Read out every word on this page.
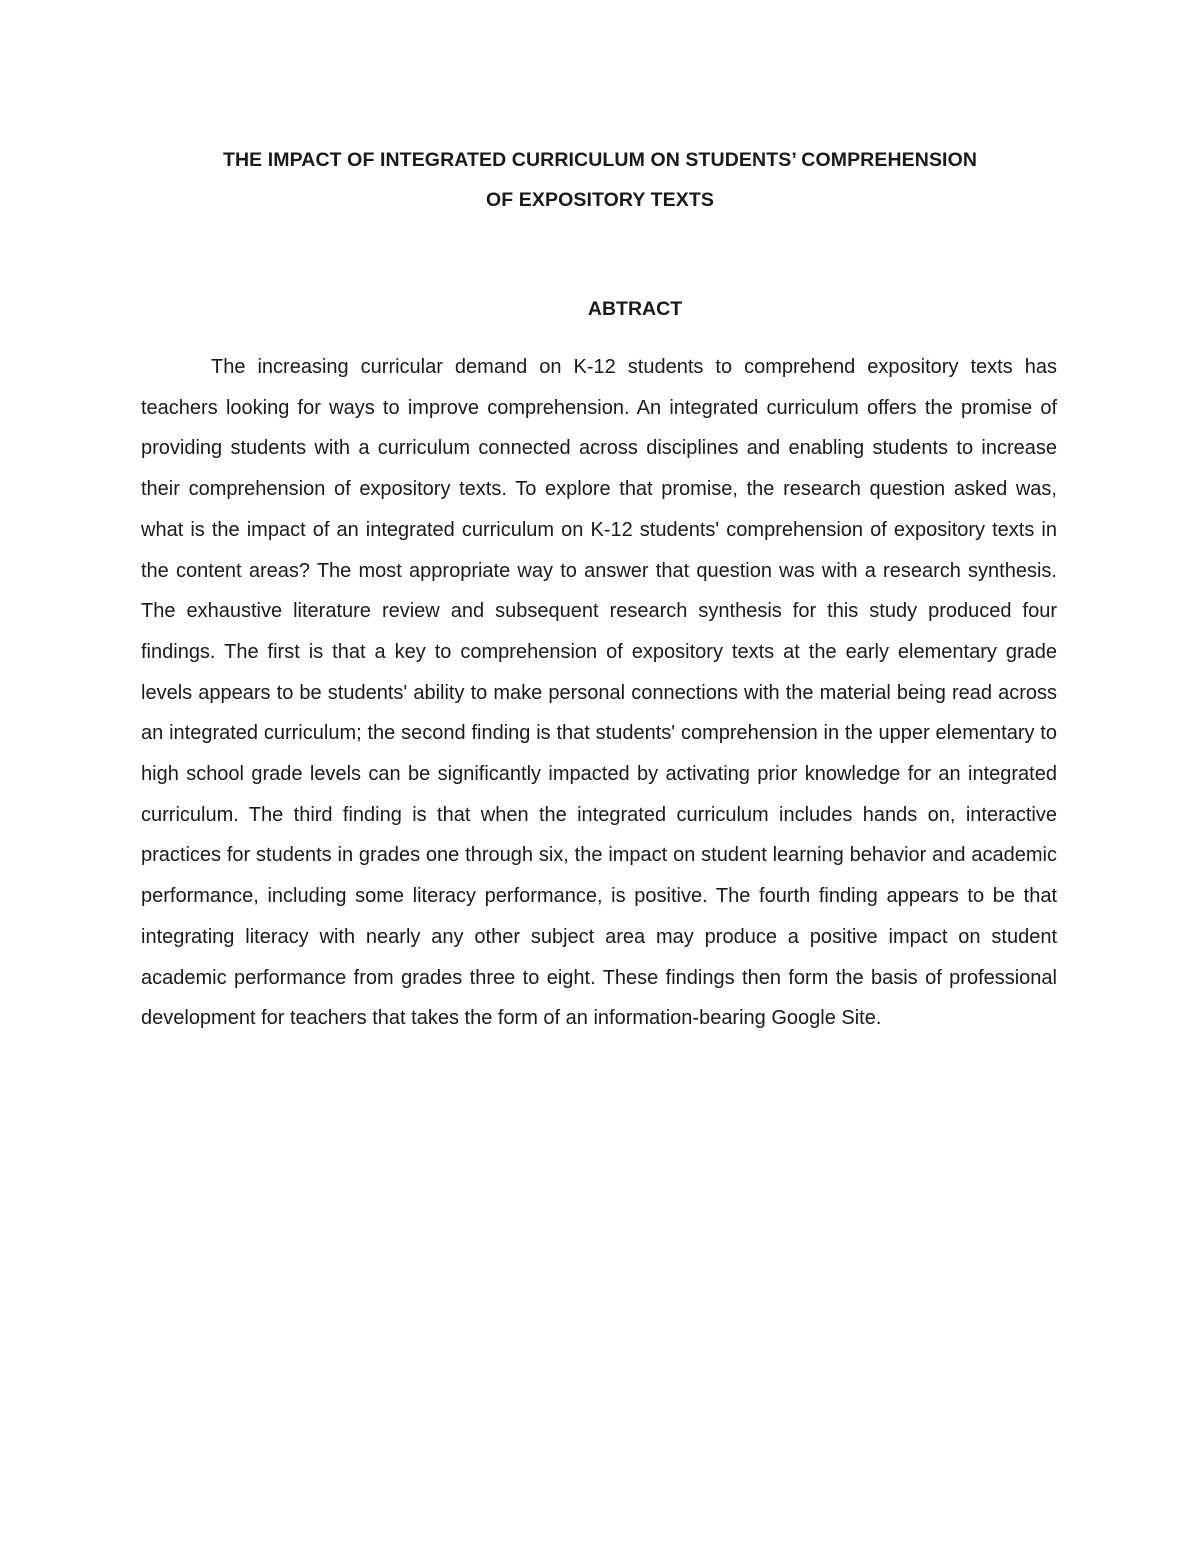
THE IMPACT OF INTEGRATED CURRICULUM ON STUDENTS’ COMPREHENSION
OF EXPOSITORY TEXTS
ABTRACT

The increasing curricular demand on K-12 students to comprehend expository texts has teachers looking for ways to improve comprehension. An integrated curriculum offers the promise of providing students with a curriculum connected across disciplines and enabling students to increase their comprehension of expository texts. To explore that promise, the research question asked was, what is the impact of an integrated curriculum on K-12 students' comprehension of expository texts in the content areas? The most appropriate way to answer that question was with a research synthesis. The exhaustive literature review and subsequent research synthesis for this study produced four findings. The first is that a key to comprehension of expository texts at the early elementary grade levels appears to be students' ability to make personal connections with the material being read across an integrated curriculum; the second finding is that students' comprehension in the upper elementary to high school grade levels can be significantly impacted by activating prior knowledge for an integrated curriculum. The third finding is that when the integrated curriculum includes hands on, interactive practices for students in grades one through six, the impact on student learning behavior and academic performance, including some literacy performance, is positive. The fourth finding appears to be that integrating literacy with nearly any other subject area may produce a positive impact on student academic performance from grades three to eight. These findings then form the basis of professional development for teachers that takes the form of an information-bearing Google Site.
